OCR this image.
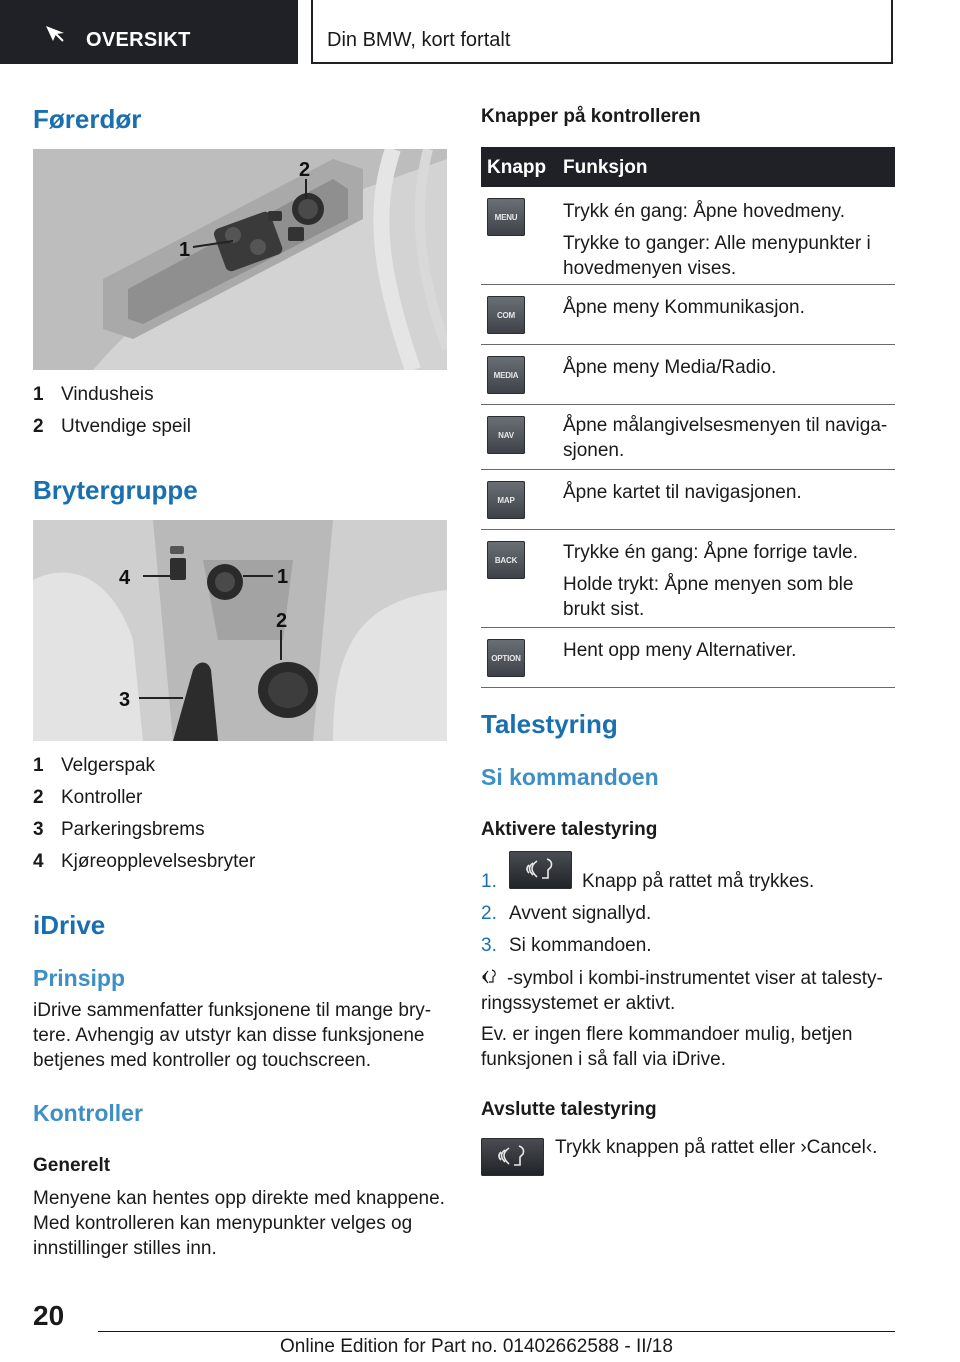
OVERSIKT	Din BMW, kort fortalt
Førerdør
1
2
1 Vindusheis
2 Utvendige speil
Brytergruppe
1
2
3
4
1 Velgerspak
2 Kontroller
3 Parkeringsbrems
4 Kjøreopplevelsesbryter
iDrive
Prinsipp
iDrive sammenfatter funksjonene til mange bry-
tere. Avhengig av utstyr kan disse funksjonene
betjenes med kontroller og touchscreen.
Kontroller
Generelt
Menyene kan hentes opp direkte med knappene.
Med kontrolleren kan menypunkter velges og
innstillinger stilles inn.
Knapper på kontrolleren
Knapp Funksjon
MENU	Trykk én gang: Åpne hovedmeny.
Trykke to ganger: Alle menypunkter i hovedmenyen vises.
COM	Åpne meny Kommunikasjon.
MEDIA	Åpne meny Media/Radio.
NAV	Åpne målangivelsesmenyen til naviga-sjonen.
MAP	Åpne kartet til navigasjonen.
BACK	Trykke én gang: Åpne forrige tavle.
Holde trykt: Åpne menyen som ble brukt sist.
OPTION Hent opp meny Alternativer.
Talestyring
Si kommandoen
Aktivere talestyring
1.	Knapp på rattet må trykkes.
2. Avvent signallyd.
3. Si kommandoen.
-symbol i kombi-instrumentet viser at talesty-
ringssystemet er aktivt.
Ev. er ingen flere kommandoer mulig, betjen
funksjonen i så fall via iDrive.
Avslutte talestyring
Trykk knappen på rattet eller ›Cancel‹.
20
Online Edition for Part no. 01402662588 - II/18
